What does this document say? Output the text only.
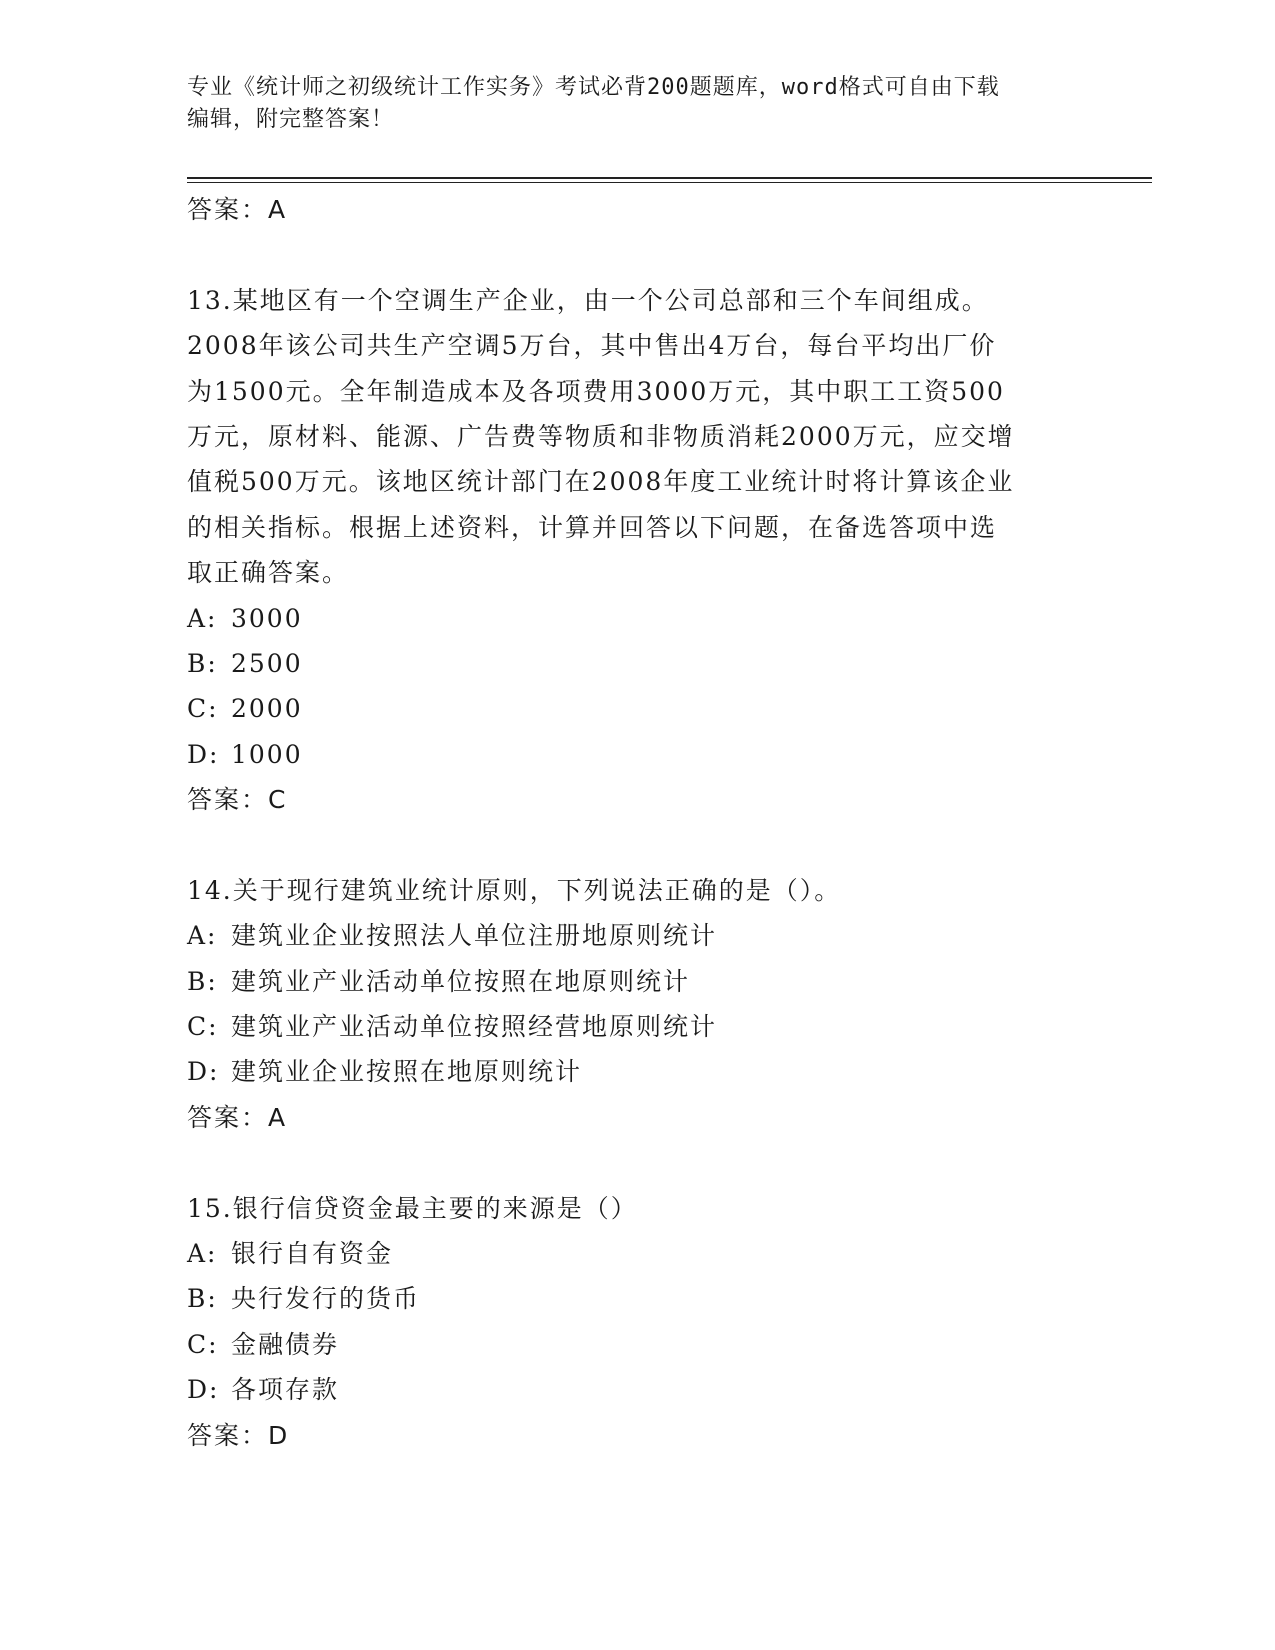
专业《统计师之初级统计工作实务》考试必背200题题库，word格式可自由下载
编辑，附完整答案！
答案：A
13.某地区有一个空调生产企业，由一个公司总部和三个车间组成。
2008年该公司共生产空调5万台，其中售出4万台，每台平均出厂价
为1500元。全年制造成本及各项费用3000万元，其中职工工资500
万元，原材料、能源、广告费等物质和非物质消耗2000万元，应交增
值税500万元。该地区统计部门在2008年度工业统计时将计算该企业
的相关指标。根据上述资料，计算并回答以下问题，在备选答项中选
取正确答案。
A: 3000
B: 2500
C: 2000
D: 1000
答案：C
14.关于现行建筑业统计原则，下列说法正确的是（）。
A: 建筑业企业按照法人单位注册地原则统计
B: 建筑业产业活动单位按照在地原则统计
C: 建筑业产业活动单位按照经营地原则统计
D: 建筑业企业按照在地原则统计
答案：A
15.银行信贷资金最主要的来源是（）
A: 银行自有资金
B: 央行发行的货币
C: 金融债券
D: 各项存款
答案：D
